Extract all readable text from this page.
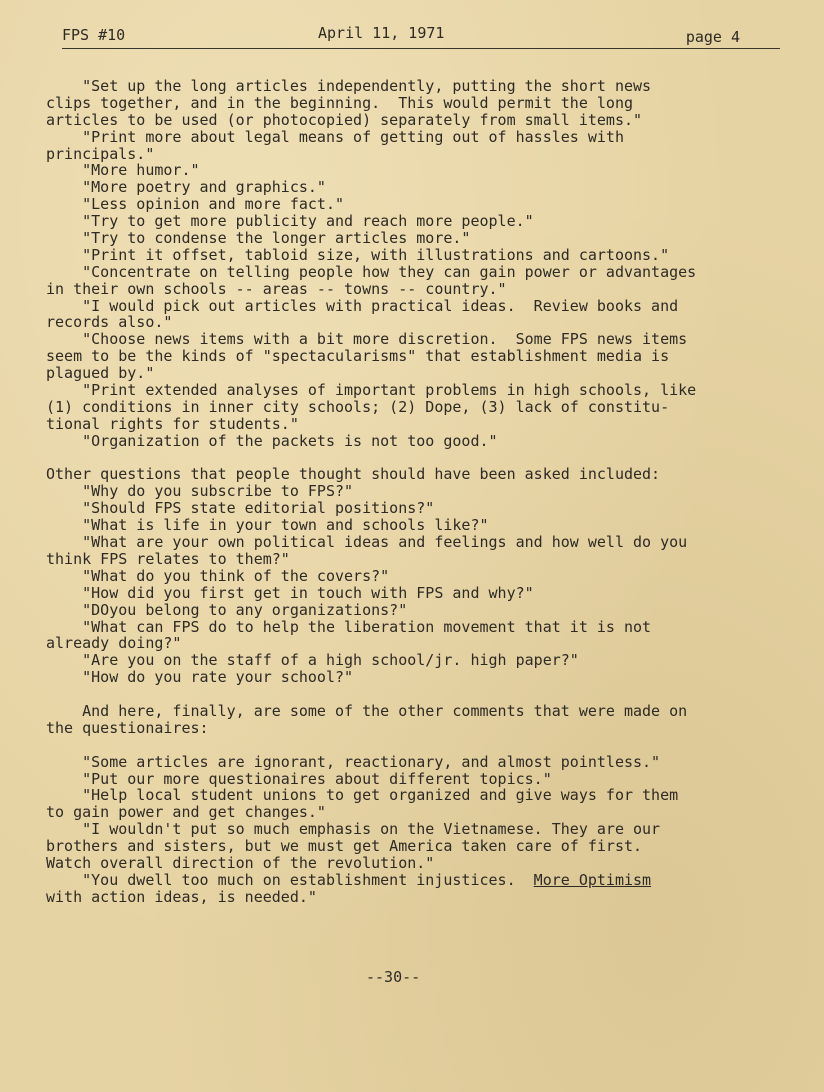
FPS #10	April 11, 1971	page 4
"Set up the long articles independently, putting the short news
clips together, and in the beginning.  This would permit the long
articles to be used (or photocopied) separately from small items."
"Print more about legal means of getting out of hassles with
principals."
"More humor."
"More poetry and graphics."
"Less opinion and more fact."
"Try to get more publicity and reach more people."
"Try to condense the longer articles more."
"Print it offset, tabloid size, with illustrations and cartoons."
"Concentrate on telling people how they can gain power or advantages
in their own schools -- areas -- towns -- country."
"I would pick out articles with practical ideas.  Review books and
records also."
"Choose news items with a bit more discretion.  Some FPS news items
seem to be the kinds of "spectacularisms" that establishment media is
plagued by."
"Print extended analyses of important problems in high schools, like
(1) conditions in inner city schools; (2) Dope, (3) lack of constitu-
tional rights for students."
"Organization of the packets is not too good."
Other questions that people thought should have been asked included:
"Why do you subscribe to FPS?"
"Should FPS state editorial positions?"
"What is life in your town and schools like?"
"What are your own political ideas and feelings and how well do you
think FPS relates to them?"
"What do you think of the covers?"
"How did you first get in touch with FPS and why?"
"DOyou belong to any organizations?"
"What can FPS do to help the liberation movement that it is not
already doing?"
"Are you on the staff of a high school/jr. high paper?"
"How do you rate your school?"
And here, finally, are some of the other comments that were made on
the questionaires:
"Some articles are ignorant, reactionary, and almost pointless."
"Put our more questionaires about different topics."
"Help local student unions to get organized and give ways for them
to gain power and get changes."
"I wouldn't put so much emphasis on the Vietnamese. They are our
brothers and sisters, but we must get America taken care of first.
Watch overall direction of the revolution."
"You dwell too much on establishment injustices.  More Optimism
with action ideas, is needed."
--30--
